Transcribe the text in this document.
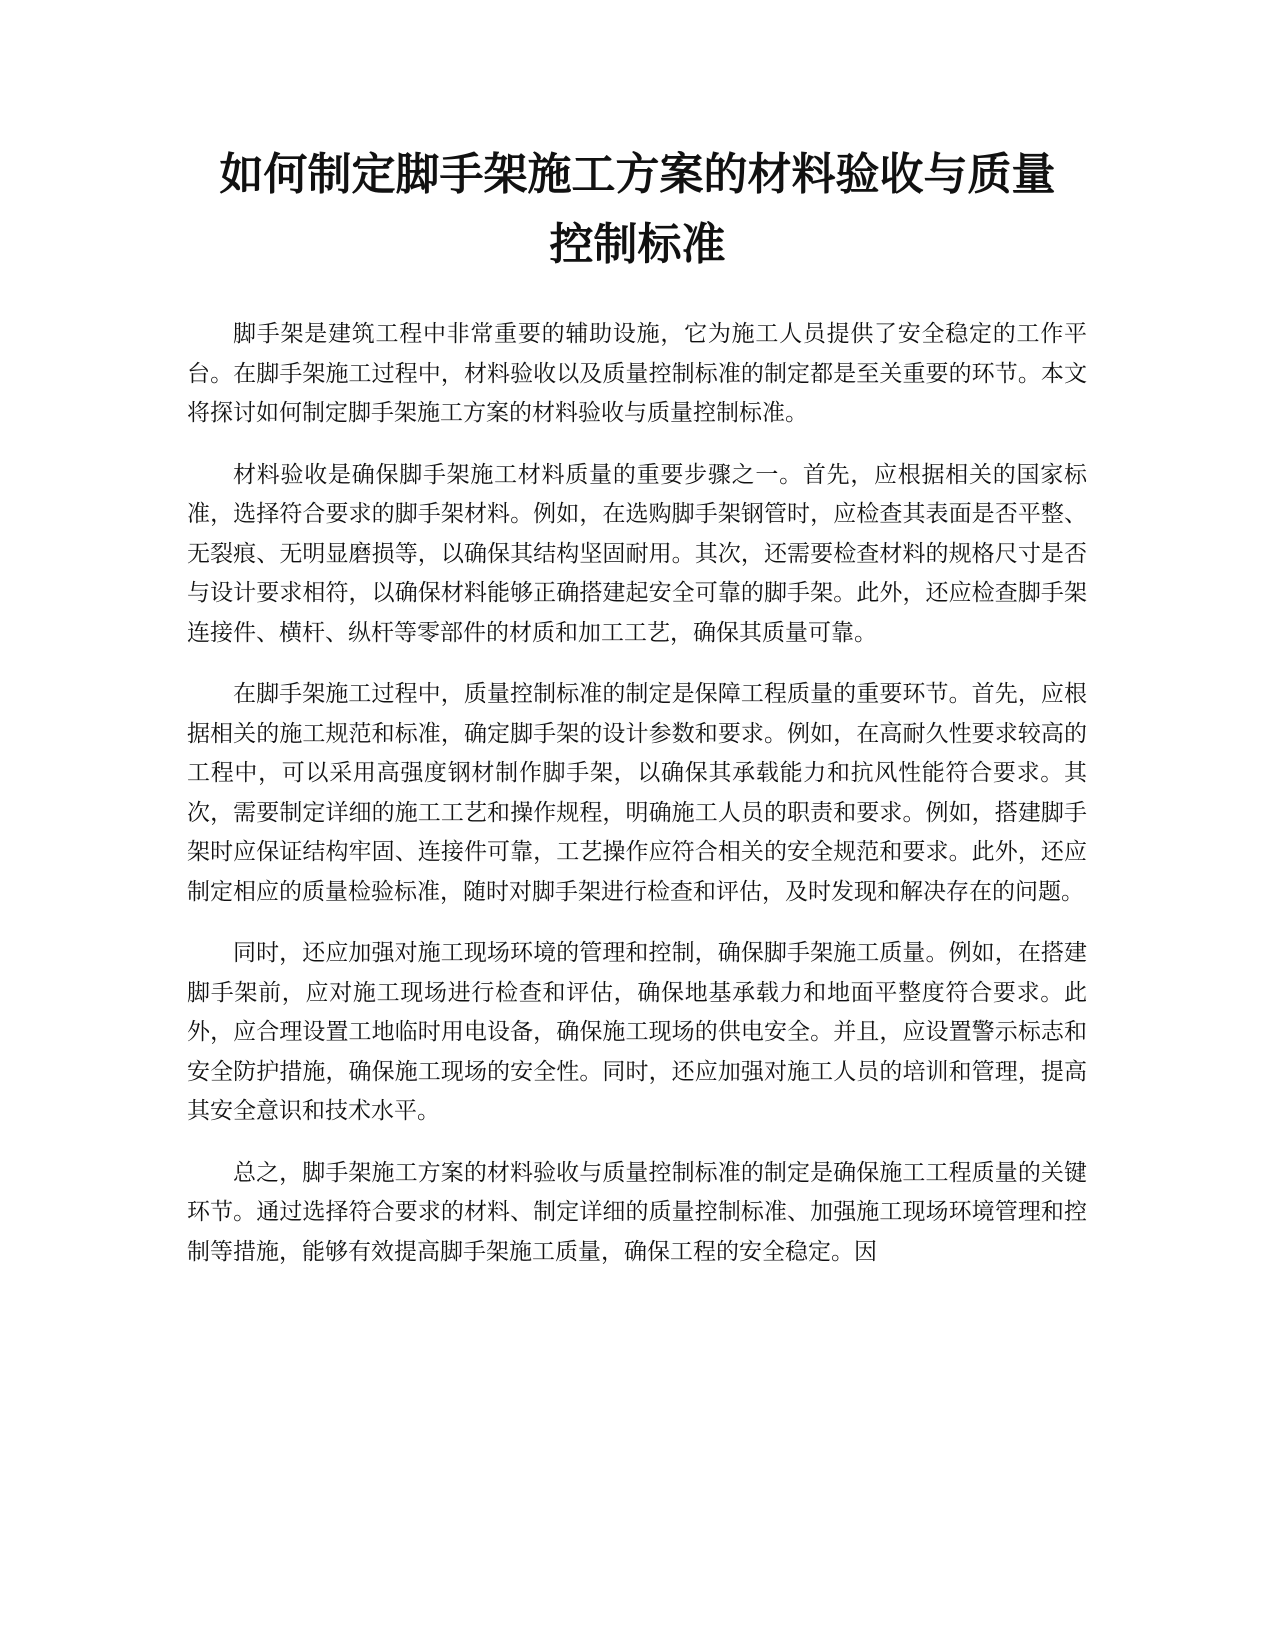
如何制定脚手架施工方案的材料验收与质量
控制标准

脚手架是建筑工程中非常重要的辅助设施，它为施工人员提供了安全稳定的工作平台。在脚手架施工过程中，材料验收以及质量控制标准的制定都是至关重要的环节。本文将探讨如何制定脚手架施工方案的材料验收与质量控制标准。

材料验收是确保脚手架施工材料质量的重要步骤之一。首先，应根据相关的国家标准，选择符合要求的脚手架材料。例如，在选购脚手架钢管时，应检查其表面是否平整、无裂痕、无明显磨损等，以确保其结构坚固耐用。其次，还需要检查材料的规格尺寸是否与设计要求相符，以确保材料能够正确搭建起安全可靠的脚手架。此外，还应检查脚手架连接件、横杆、纵杆等零部件的材质和加工工艺，确保其质量可靠。

在脚手架施工过程中，质量控制标准的制定是保障工程质量的重要环节。首先，应根据相关的施工规范和标准，确定脚手架的设计参数和要求。例如，在高耐久性要求较高的工程中，可以采用高强度钢材制作脚手架，以确保其承载能力和抗风性能符合要求。其次，需要制定详细的施工工艺和操作规程，明确施工人员的职责和要求。例如，搭建脚手架时应保证结构牢固、连接件可靠，工艺操作应符合相关的安全规范和要求。此外，还应制定相应的质量检验标准，随时对脚手架进行检查和评估，及时发现和解决存在的问题。

同时，还应加强对施工现场环境的管理和控制，确保脚手架施工质量。例如，在搭建脚手架前，应对施工现场进行检查和评估，确保地基承载力和地面平整度符合要求。此外，应合理设置工地临时用电设备，确保施工现场的供电安全。并且，应设置警示标志和安全防护措施，确保施工现场的安全性。同时，还应加强对施工人员的培训和管理，提高其安全意识和技术水平。

总之，脚手架施工方案的材料验收与质量控制标准的制定是确保施工工程质量的关键环节。通过选择符合要求的材料、制定详细的质量控制标准、加强施工现场环境管理和控制等措施，能够有效提高脚手架施工质量，确保工程的安全稳定。因
